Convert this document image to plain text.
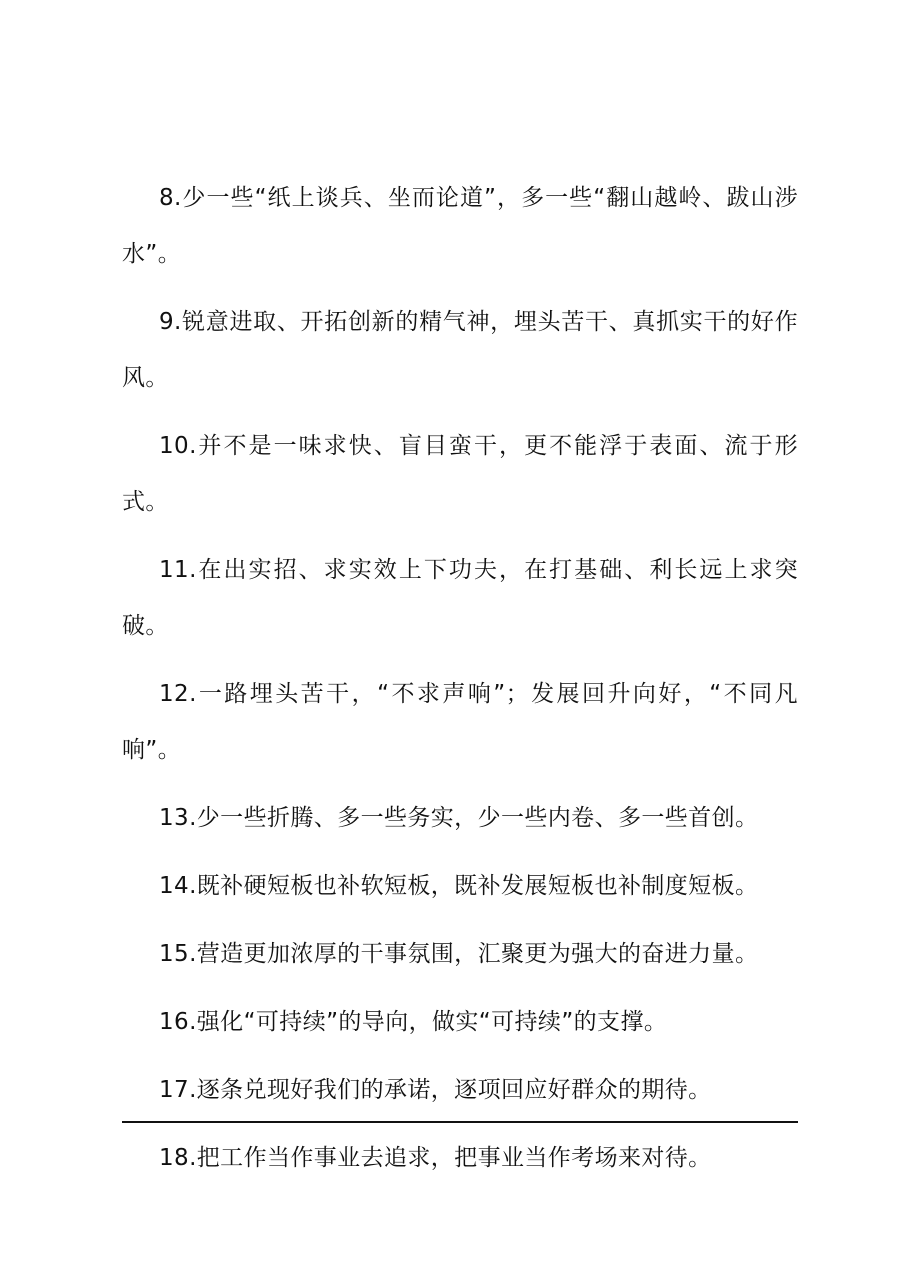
8.少一些“纸上谈兵、坐而论道”，多一些“翻山越岭、跋山涉水”。

9.锐意进取、开拓创新的精气神，埋头苦干、真抓实干的好作风。

10.并不是一味求快、盲目蛮干，更不能浮于表面、流于形式。

11.在出实招、求实效上下功夫，在打基础、利长远上求突破。

12.一路埋头苦干，“不求声响”；发展回升向好，“不同凡响”。

13.少一些折腾、多一些务实，少一些内卷、多一些首创。

14.既补硬短板也补软短板，既补发展短板也补制度短板。

15.营造更加浓厚的干事氛围，汇聚更为强大的奋进力量。

16.强化“可持续”的导向，做实“可持续”的支撑。

17.逐条兑现好我们的承诺，逐项回应好群众的期待。

18.把工作当作事业去追求，把事业当作考场来对待。
